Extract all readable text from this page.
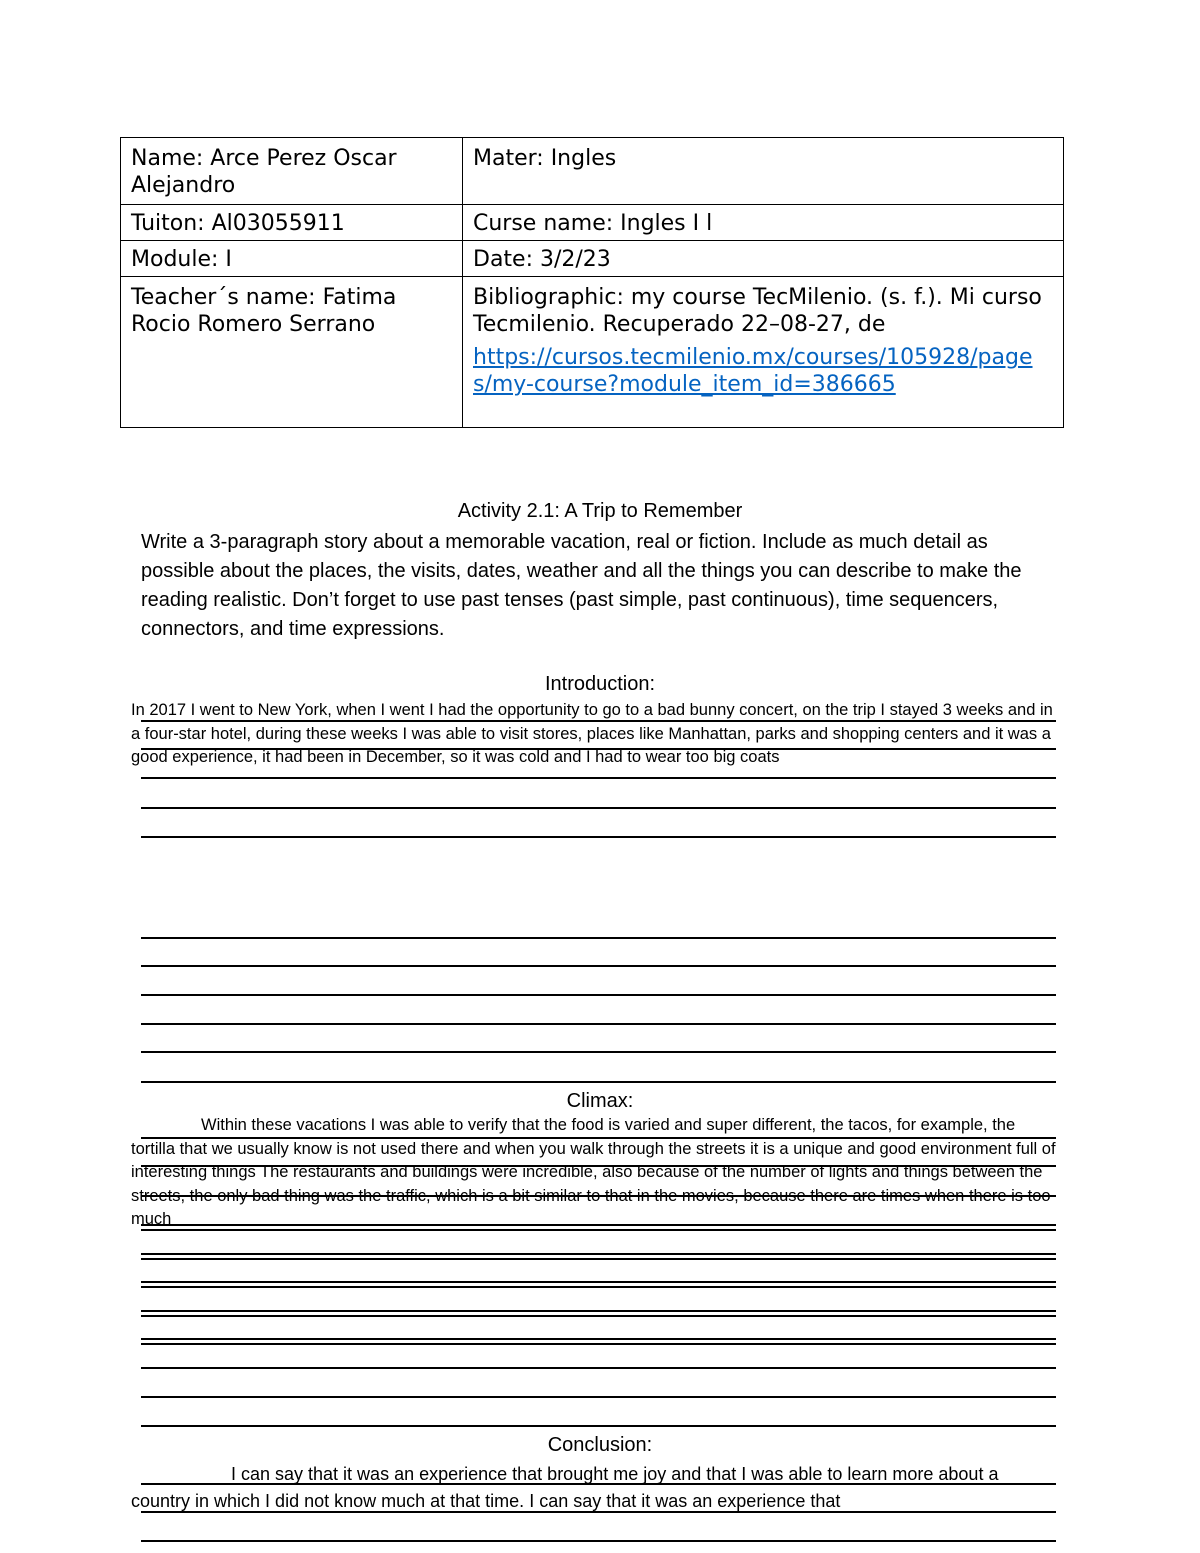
Name: Arce Perez Oscar Alejandro	Mater: Ingles
Tuiton: Al03055911	Curse name: Ingles I l
Module: I	Date: 3/2/23
Teacher´s name: Fatima Rocio Romero Serrano	Bibliographic: my course TecMilenio. (s. f.). Mi curso Tecmilenio. Recuperado 22–08-27, de
https://cursos.tecmilenio.mx/courses/105928/pages/my-course?module_item_id=386665
Activity 2.1: A Trip to Remember
Write a 3-paragraph story about a memorable vacation, real or fiction. Include as much detail as possible about the places, the visits, dates, weather and all the things you can describe to make the reading realistic. Don’t forget to use past tenses (past simple, past continuous), time sequencers, connectors, and time expressions.
Introduction:
In 2017 I went to New York, when I went I had the opportunity to go to a bad bunny concert, on the trip I stayed 3 weeks and in a four-star hotel, during these weeks I was able to visit stores, places like Manhattan, parks and shopping centers and it was a good experience, it had been in December, so it was cold and I had to wear too big coats
Climax:
Within these vacations I was able to verify that the food is varied and super different, the tacos, for example, the tortilla that we usually know is not used there and when you walk through the streets it is a unique and good environment full of interesting things The restaurants and buildings were incredible, also because of the number of lights and things between the streets, the only bad thing was the traffic, which is a bit similar to that in the movies, because there are times when there is too much
Conclusion:
I can say that it was an experience that brought me joy and that I was able to learn more about a country in which I did not know much at that time. I can say that it was an experience that
